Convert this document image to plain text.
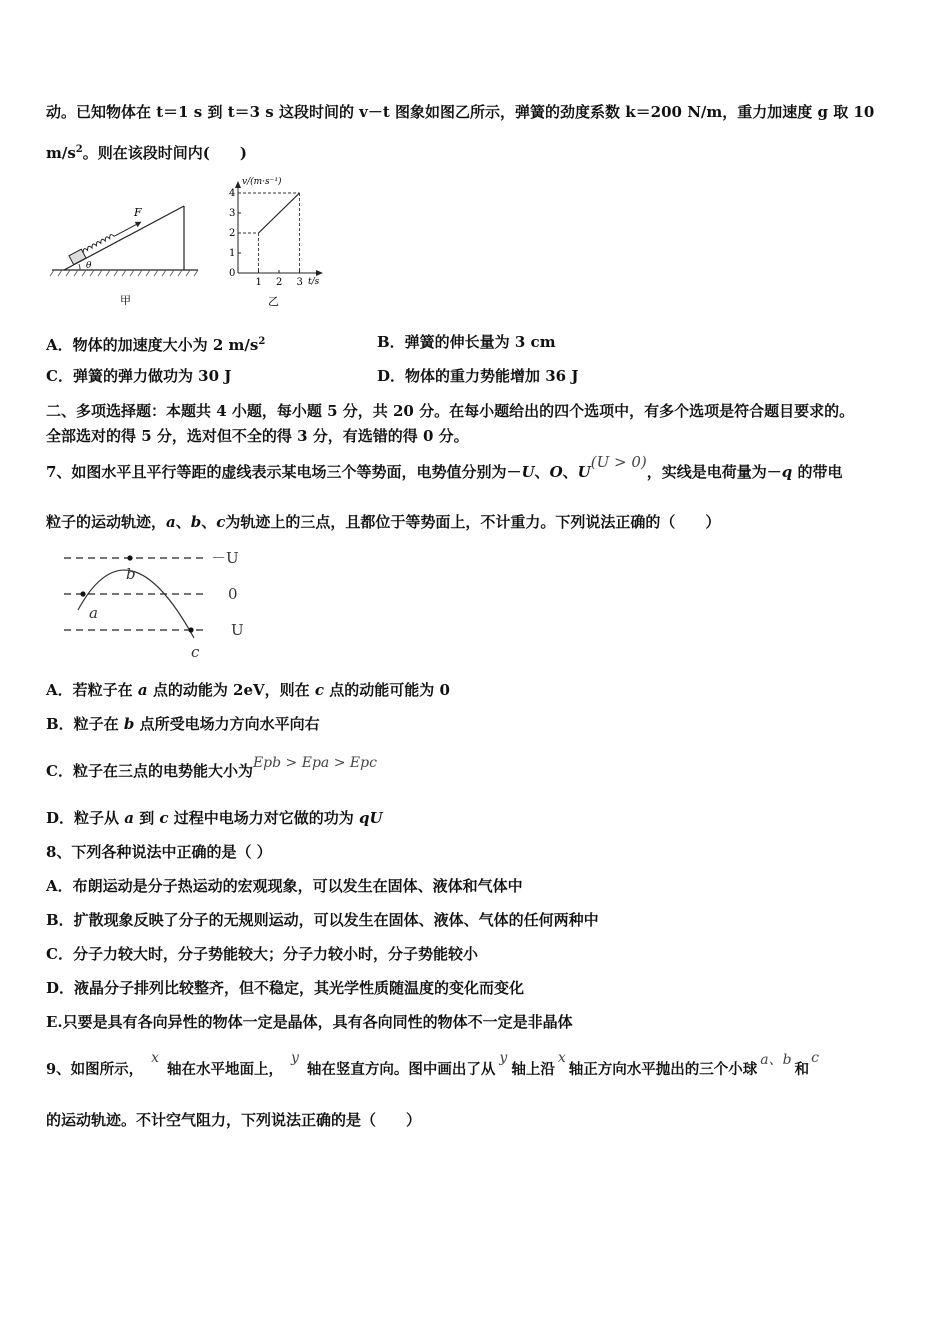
动。已知物体在 t＝1 s 到 t＝3 s 这段时间的 v－t 图象如图乙所示，弹簧的劲度系数 k＝200 N/m，重力加速度 g 取 10
$m/s^2$。则在该段时间内(　　)
θ
F
甲
v/(m·s⁻¹)
0
1
2
3
4
1 2 3 t/s
乙
A．物体的加速度大小为 2 $m/s^2$	B．弹簧的伸长量为 3 cm
C．弹簧的弹力做功为 30 J	D．物体的重力势能增加 36 J
二、多项选择题：本题共 4 小题，每小题 5 分，共 20 分。在每小题给出的四个选项中，有多个选项是符合题目要求的。
全部选对的得 5 分，选对但不全的得 3 分，有选错的得 0 分。
7、如图水平且平行等距的虚线表示某电场三个等势面，电势值分别为－U、O、U(U > 0)，实线是电荷量为－q 的带电
粒子的运动轨迹，a、b、c为轨迹上的三点，且都位于等势面上，不计重力。下列说法正确的（　　）
－U
0
U
b
a
c
A．若粒子在 a 点的动能为 2eV，则在 c 点的动能可能为 0
B．粒子在 b 点所受电场力方向水平向右
C．粒子在三点的电势能大小为Epb > Epa > Epc
D．粒子从 a 到 c 过程中电场力对它做的功为 qU
8、下列各种说法中正确的是（ ）
A．布朗运动是分子热运动的宏观现象，可以发生在固体、液体和气体中
B．扩散现象反映了分子的无规则运动，可以发生在固体、液体、气体的任何两种中
C．分子力较大时，分子势能较大；分子力较小时，分子势能较小
D．液晶分子排列比较整齐，但不稳定，其光学性质随温度的变化而变化
E.只要是具有各向异性的物体一定是晶体，具有各向同性的物体不一定是非晶体
9、如图所示，x轴在水平地面上，y轴在竖直方向。图中画出了从y轴上沿x轴正方向水平抛出的三个小球a、b和c
的运动轨迹。不计空气阻力，下列说法正确的是（　　）
